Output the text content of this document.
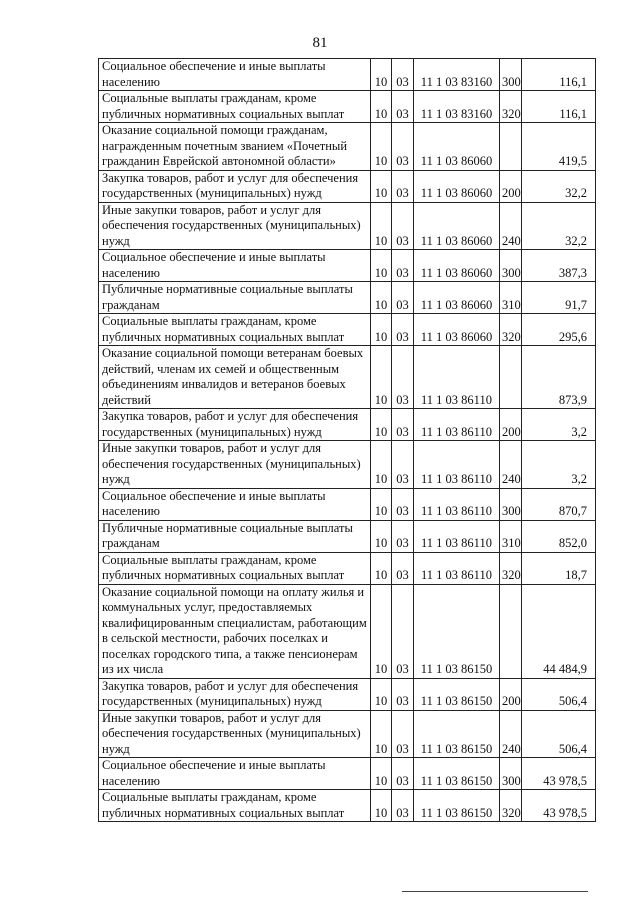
81
Социальное обеспечение и иные выплаты населению	10	03	11 1 03 83160	300	116,1
Социальные выплаты гражданам, кроме публичных нормативных социальных выплат	10	03	11 1 03 83160	320	116,1
Оказание социальной помощи гражданам, награжденным почетным званием «Почетный гражданин Еврейской автономной области»	10	03	11 1 03 86060		419,5
Закупка товаров, работ и услуг для обеспечения государственных (муниципальных) нужд	10	03	11 1 03 86060	200	32,2
Иные закупки товаров, работ и услуг для обеспечения государственных (муниципальных) нужд	10	03	11 1 03 86060	240	32,2
Социальное обеспечение и иные выплаты населению	10	03	11 1 03 86060	300	387,3
Публичные нормативные социальные выплаты гражданам	10	03	11 1 03 86060	310	91,7
Социальные выплаты гражданам, кроме публичных нормативных социальных выплат	10	03	11 1 03 86060	320	295,6
Оказание социальной помощи ветеранам боевых действий, членам их семей и общественным объединениям инвалидов и ветеранов боевых действий	10	03	11 1 03 86110		873,9
Закупка товаров, работ и услуг для обеспечения государственных (муниципальных) нужд	10	03	11 1 03 86110	200	3,2
Иные закупки товаров, работ и услуг для обеспечения государственных (муниципальных) нужд	10	03	11 1 03 86110	240	3,2
Социальное обеспечение и иные выплаты населению	10	03	11 1 03 86110	300	870,7
Публичные нормативные социальные выплаты гражданам	10	03	11 1 03 86110	310	852,0
Социальные выплаты гражданам, кроме публичных нормативных социальных выплат	10	03	11 1 03 86110	320	18,7
Оказание социальной помощи на оплату жилья и коммунальных услуг, предоставляемых квалифицированным специалистам, работающим в сельской местности, рабочих поселках и поселках городского типа, а также пенсионерам из их числа	10	03	11 1 03 86150		44 484,9
Закупка товаров, работ и услуг для обеспечения государственных (муниципальных) нужд	10	03	11 1 03 86150	200	506,4
Иные закупки товаров, работ и услуг для обеспечения государственных (муниципальных) нужд	10	03	11 1 03 86150	240	506,4
Социальное обеспечение и иные выплаты населению	10	03	11 1 03 86150	300	43 978,5
Социальные выплаты гражданам, кроме публичных нормативных социальных выплат	10	03	11 1 03 86150	320	43 978,5
